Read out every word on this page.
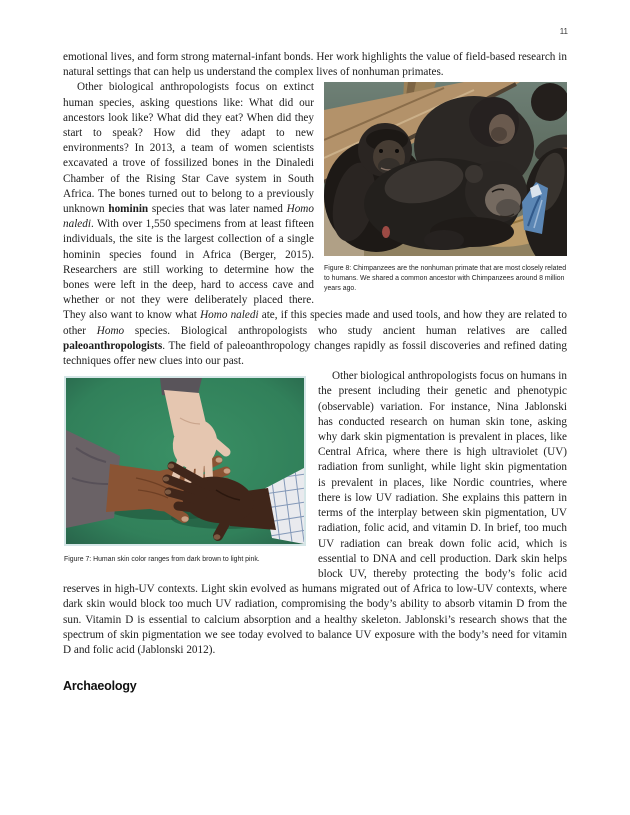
11

emotional lives, and form strong maternal-infant bonds. Her work highlights the value of field-based research in natural settings that can help us understand the complex lives of nonhuman primates.

Figure 8: Chimpanzees are the nonhuman primate that are most closely related to humans. We shared a common ancestor with Chimpanzees around 8 million years ago.

Other biological anthropologists focus on extinct human species, asking questions like: What did our ancestors look like? What did they eat? When did they start to speak? How did they adapt to new environments? In 2013, a team of women scientists excavated a trove of fossilized bones in the Dinaledi Chamber of the Rising Star Cave system in South Africa. The bones turned out to belong to a previously unknown hominin species that was later named Homo naledi. With over 1,550 specimens from at least fifteen individuals, the site is the largest collection of a single hominin species found in Africa (Berger, 2015). Researchers are still working to determine how the bones were left in the deep, hard to access cave and whether or not they were deliberately placed there. They also want to know what Homo naledi ate, if this species made and used tools, and how they are related to other Homo species. Biological anthropologists who study ancient human relatives are called paleoanthropologists. The field of paleoanthropology changes rapidly as fossil discoveries and refined dating techniques offer new clues into our past.

Figure 7: Human skin color ranges from dark brown to light pink.

Other biological anthropologists focus on humans in the present including their genetic and phenotypic (observable) variation. For instance, Nina Jablonski has conducted research on human skin tone, asking why dark skin pigmentation is prevalent in places, like Central Africa, where there is high ultraviolet (UV) radiation from sunlight, while light skin pigmentation is prevalent in places, like Nordic countries, where there is low UV radiation. She explains this pattern in terms of the interplay between skin pigmentation, UV radiation, folic acid, and vitamin D. In brief, too much UV radiation can break down folic acid, which is essential to DNA and cell production. Dark skin helps block UV, thereby protecting the body’s folic acid reserves in high-UV contexts. Light skin evolved as humans migrated out of Africa to low-UV contexts, where dark skin would block too much UV radiation, compromising the body’s ability to absorb vitamin D from the sun. Vitamin D is essential to calcium absorption and a healthy skeleton. Jablonski’s research shows that the spectrum of skin pigmentation we see today evolved to balance UV exposure with the body’s need for vitamin D and folic acid (Jablonski 2012).

Archaeology
